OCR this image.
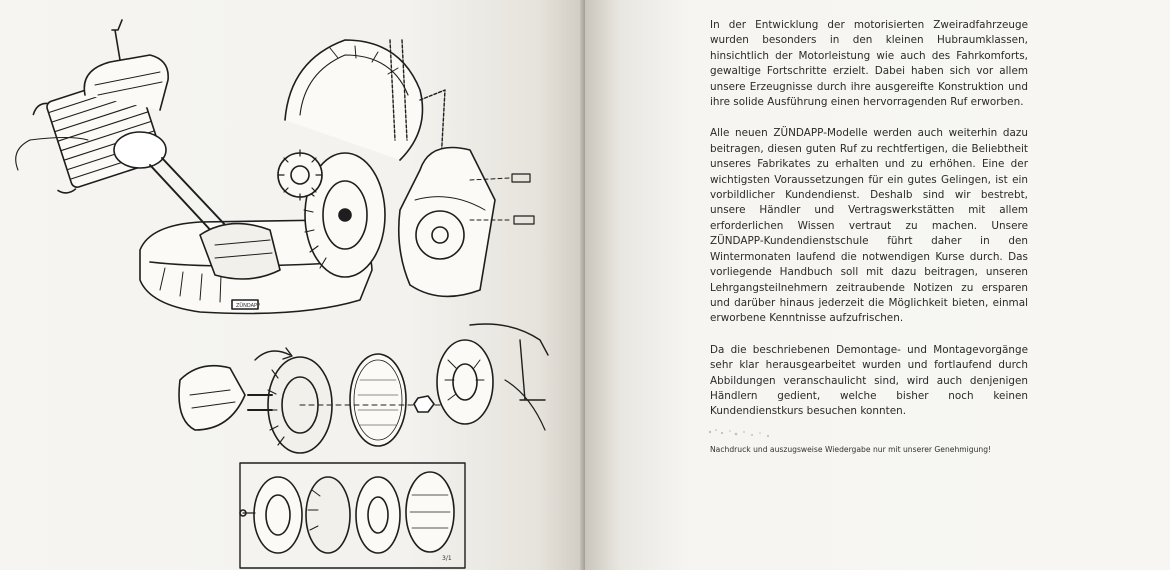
ZÜNDAPP
3/1

In der Entwicklung der motorisierten Zweiradfahrzeuge wurden besonders in den kleinen Hubraumklassen, hinsichtlich der Motorleistung wie auch des Fahrkomforts, gewaltige Fortschritte erzielt. Dabei haben sich vor allem unsere Erzeugnisse durch ihre ausgereifte Konstruktion und ihre solide Ausführung einen hervorragenden Ruf erworben.

Alle neuen ZÜNDAPP-Modelle werden auch weiterhin dazu beitragen, diesen guten Ruf zu rechtfertigen, die Beliebtheit unseres Fabrikates zu erhalten und zu erhöhen. Eine der wichtigsten Voraussetzungen für ein gutes Gelingen, ist ein vorbildlicher Kundendienst. Deshalb sind wir bestrebt, unsere Händler und Vertragswerkstätten mit allem erforderlichen Wissen vertraut zu machen. Unsere ZÜNDAPP-Kundendienstschule führt daher in den Wintermonaten laufend die notwendigen Kurse durch. Das vorliegende Handbuch soll mit dazu beitragen, unseren Lehrgangsteilnehmern zeitraubende Notizen zu ersparen und darüber hinaus jederzeit die Möglichkeit bieten, einmal erworbene Kenntnisse aufzufrischen.

Da die beschriebenen Demontage- und Montagevorgänge sehr klar herausgearbeitet wurden und fortlaufend durch Abbildungen veranschaulicht sind, wird auch denjenigen Händlern gedient, welche bisher noch keinen Kundendienstkurs besuchen konnten.

Nachdruck und auszugsweise Wiedergabe nur mit unserer Genehmigung!
